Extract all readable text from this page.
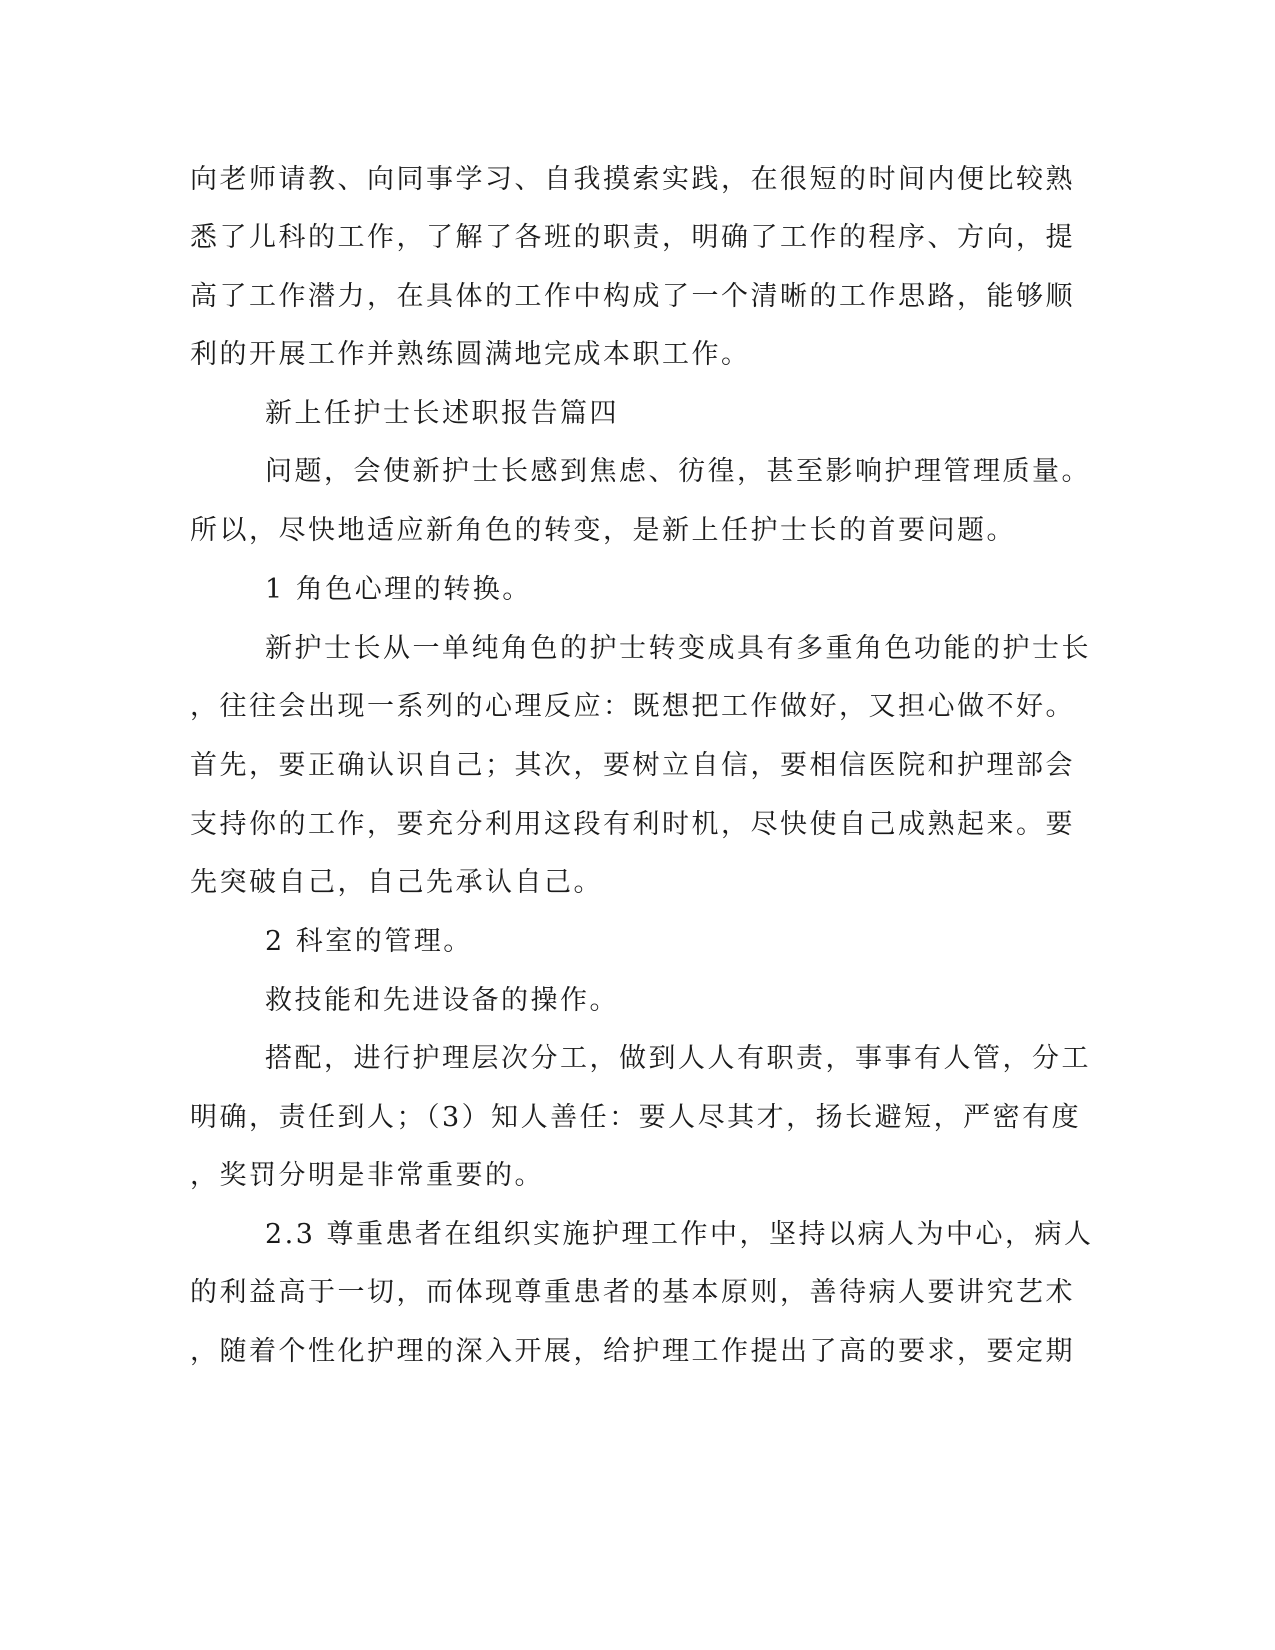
向老师请教、向同事学习、自我摸索实践，在很短的时间内便比较熟
悉了儿科的工作，了解了各班的职责，明确了工作的程序、方向，提
高了工作潜力，在具体的工作中构成了一个清晰的工作思路，能够顺
利的开展工作并熟练圆满地完成本职工作。
新上任护士长述职报告篇四
问题，会使新护士长感到焦虑、彷徨，甚至影响护理管理质量。
所以，尽快地适应新角色的转变，是新上任护士长的首要问题。
1 角色心理的转换。
新护士长从一单纯角色的护士转变成具有多重角色功能的护士长
，往往会出现一系列的心理反应：既想把工作做好，又担心做不好。
首先，要正确认识自己；其次，要树立自信，要相信医院和护理部会
支持你的工作，要充分利用这段有利时机，尽快使自己成熟起来。要
先突破自己，自己先承认自己。
2 科室的管理。
救技能和先进设备的操作。
搭配，进行护理层次分工，做到人人有职责，事事有人管，分工
明确，责任到人；（3）知人善任：要人尽其才，扬长避短，严密有度
，奖罚分明是非常重要的。
2.3 尊重患者在组织实施护理工作中，坚持以病人为中心，病人
的利益高于一切，而体现尊重患者的基本原则，善待病人要讲究艺术
，随着个性化护理的深入开展，给护理工作提出了高的要求，要定期
